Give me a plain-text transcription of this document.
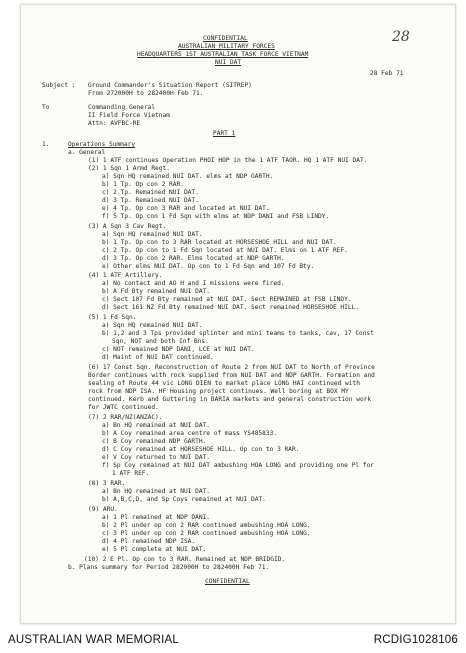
28
CONFIDENTIAL
AUSTRALIAN MILITARY FORCES
HEADQUARTERS 1ST AUSTRALIAN TASK FORCE VIETNAM
NUI DAT
28 Feb 71
Subject : Ground Commander's Situation Report (SITREP)
From 272000H to 282400H Feb 71.
To	Commanding General
II Field Force Vietnam
Attn: AVFBC-RE
PART 1
1.	Operations Summary
a. General
(1) 1 ATF continues Operation PHOI HOP in the 1 ATF TAOR. HQ 1 ATF NUI DAT.
(2) 1 Sqn 1 Armd Regt.
a) Sqn HQ remained NUI DAT. elms at NDP GARTH.
b) 1 Tp. Op con 2 RAR.
c) 2 Tp. Remained NUI DAT.
d) 3 Tp. Remained NUI DAT.
e) 4 Tp. Op con 3 RAR and located at NUI DAT.
f) 5 Tp. Op con 1 Fd Sqn with elms at NDP DANI and FSB LINDY.
(3) A Sqn 3 Cav Regt.
a) Sqn HQ remained NUI DAT.
b) 1 Tp. Op con to 3 RAR located at HORSESHOE HILL and NUI DAT.
c) 2 Tp. Op con to 1 Fd Sqn located at NUI DAT. Elms on 1 ATF REF.
d) 3 Tp. Op con 2 RAR. Elms located at NDP GARTH.
e) Other elms NUI DAT. Op con to 1 Fd Sqn and 107 Fd Bty.
(4) 1 ATF Artillery.
a) No contact and AO H and I missions were fired.
b) A Fd Bty remained NUI DAT.
c) Sect 107 Fd Bty remained at NUI DAT. Sect REMAINED at FSB LINDY.
d) Sect 161 NZ Fd Bty remained NUI DAT. Sect remained HORSESHOE HILL.
(5) 1 Fd Sqn.
a) Sqn HQ remained NUI DAT.
b) 1,2 and 3 Tps provided splinter and mini teams to tanks, cav, 17 Const
Sqn, NOT and both Inf Bns.
c) NOT remained NDP DANI, LCE at NUI DAT.
d) Maint of NUI DAT continued.
(6) 17 Const Sqn. Reconstruction of Route 2 from NUI DAT to North of Province
Border continues with rock supplied from NUI DAT and NDP GARTH. Formation and
sealing of Route 44 vic LONG DIEN to market place LONG HAI continued with
rock from NDP ISA. HF Housing project continues. Well boring at BOX MY
continued. Kerb and Guttering in BARIA markets and general construction work
for JWTC continued.
(7) 2 RAR/NZ(ANZAC).
a) Bn HQ remained at NUI DAT.
b) A Coy remained area centre of mass YS485833.
c) B Coy remained NDP GARTH.
d) C Coy remained at HORSESHOE HILL. Op con to 3 RAR.
e) V Coy returned to NUI DAT.
f) Sp Coy remained at NUI DAT ambushing HOA LONG and providing one Pl for
1 ATF REF.
(8) 3 RAR.
a) Bn HQ remained at NUI DAT.
b) A,B,C,D, and Sp Coys remained at NUI DAT.
(9) ARU.
a) 1 Pl remained at NDP DANI.
b) 2 Pl under op con 2 RAR continued ambushing HOA LONG.
c) 3 Pl under op con 2 RAR continued ambushing HOA LONG.
d) 4 Pl remained NDP ISA.
e) 5 Pl complete at NUI DAT.
(10) 2 E Pl. Op con to 3 RAR. Remained at NDP BRIDGID.
b. Plans summary for Period 282000H to 282400H Feb 71.
CONFIDENTIAL
AUSTRALIAN WAR MEMORIAL	RCDIG1028106
